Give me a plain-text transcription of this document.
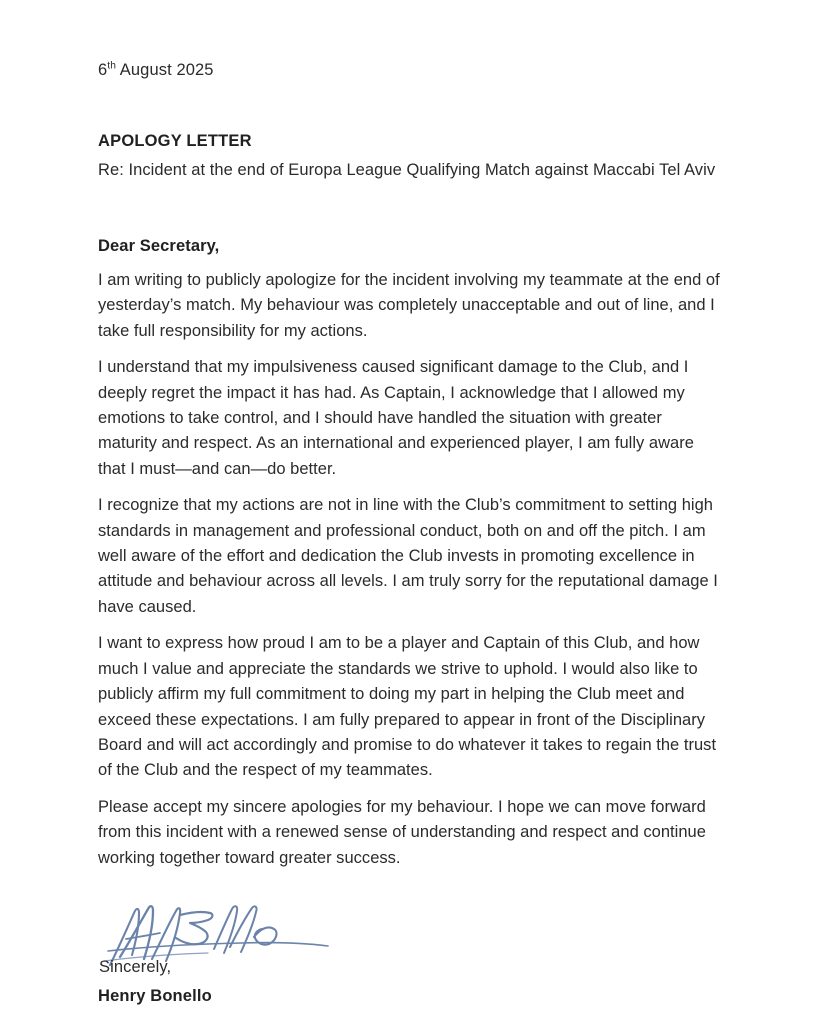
6th August 2025

APOLOGY LETTER

Re: Incident at the end of Europa League Qualifying Match against Maccabi Tel Aviv

Dear Secretary,

I am writing to publicly apologize for the incident involving my teammate at the end of yesterday’s match. My behaviour was completely unacceptable and out of line, and I take full responsibility for my actions.

I understand that my impulsiveness caused significant damage to the Club, and I deeply regret the impact it has had. As Captain, I acknowledge that I allowed my emotions to take control, and I should have handled the situation with greater maturity and respect. As an international and experienced player, I am fully aware that I must—and can—do better.

I recognize that my actions are not in line with the Club’s commitment to setting high standards in management and professional conduct, both on and off the pitch. I am well aware of the effort and dedication the Club invests in promoting excellence in attitude and behaviour across all levels. I am truly sorry for the reputational damage I have caused.

I want to express how proud I am to be a player and Captain of this Club, and how much I value and appreciate the standards we strive to uphold. I would also like to publicly affirm my full commitment to doing my part in helping the Club meet and exceed these expectations. I am fully prepared to appear in front of the Disciplinary Board and will act accordingly and promise to do whatever it takes to regain the trust of the Club and the respect of my teammates.

Please accept my sincere apologies for my behaviour. I hope we can move forward from this incident with a renewed sense of understanding and respect and continue working together toward greater success.

Sincerely,

Henry Bonello
